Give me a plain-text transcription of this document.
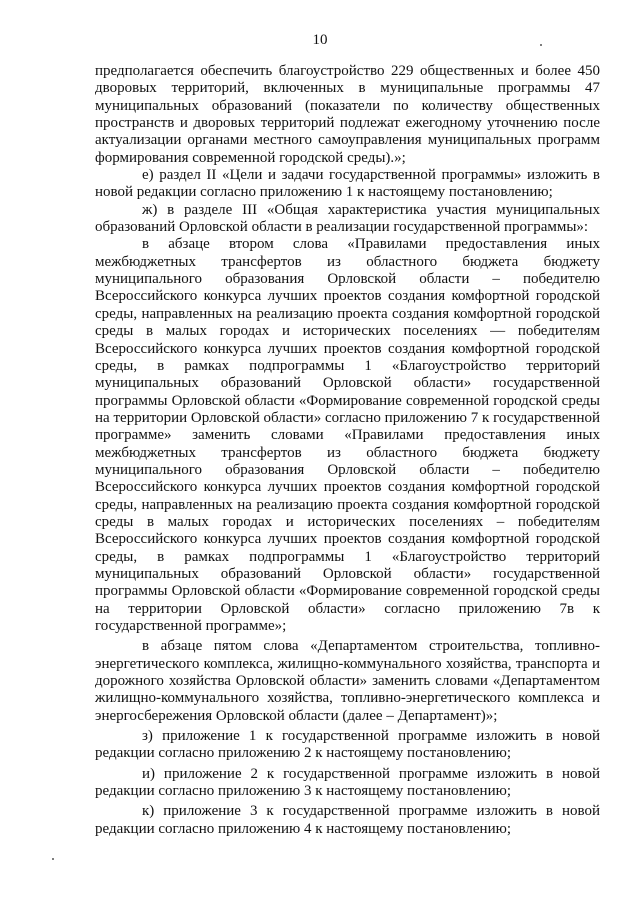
10

предполагается обеспечить благоустройство 229 общественных и более 450 дворовых территорий, включенных в муниципальные программы 47 муниципальных образований (показатели по количеству общественных пространств и дворовых территорий подлежат ежегодному уточнению после актуализации органами местного самоуправления муниципальных программ формирования современной городской среды).»;

е) раздел II «Цели и задачи государственной программы» изложить в новой редакции согласно приложению 1 к настоящему постановлению;

ж) в разделе III «Общая характеристика участия муниципальных образований Орловской области в реализации государственной программы»:

в абзаце втором слова «Правилами предоставления иных межбюджетных трансфертов из областного бюджета бюджету муниципального образования Орловской области – победителю Всероссийского конкурса лучших проектов создания комфортной городской среды, направленных на реализацию проекта создания комфортной городской среды в малых городах и исторических поселениях — победителям Всероссийского конкурса лучших проектов создания комфортной городской среды, в рамках подпрограммы 1 «Благоустройство территорий муниципальных образований Орловской области» государственной программы Орловской области «Формирование современной городской среды на территории Орловской области» согласно приложению 7 к государственной программе» заменить словами «Правилами предоставления иных межбюджетных трансфертов из областного бюджета бюджету муниципального образования Орловской области – победителю Всероссийского конкурса лучших проектов создания комфортной городской среды, направленных на реализацию проекта создания комфортной городской среды в малых городах и исторических поселениях – победителям Всероссийского конкурса лучших проектов создания комфортной городской среды, в рамках подпрограммы 1 «Благоустройство территорий муниципальных образований Орловской области» государственной программы Орловской области «Формирование современной городской среды на территории Орловской области» согласно приложению 7в к государственной программе»;

в абзаце пятом слова «Департаментом строительства, топливно-энергетического комплекса, жилищно-коммунального хозяйства, транспорта и дорожного хозяйства Орловской области» заменить словами «Департаментом жилищно-коммунального хозяйства, топливно-энергетического комплекса и энергосбережения Орловской области (далее – Департамент)»;

з) приложение 1 к государственной программе изложить в новой редакции согласно приложению 2 к настоящему постановлению;

и) приложение 2 к государственной программе изложить в новой редакции согласно приложению 3 к настоящему постановлению;

к) приложение 3 к государственной программе изложить в новой редакции согласно приложению 4 к настоящему постановлению;
